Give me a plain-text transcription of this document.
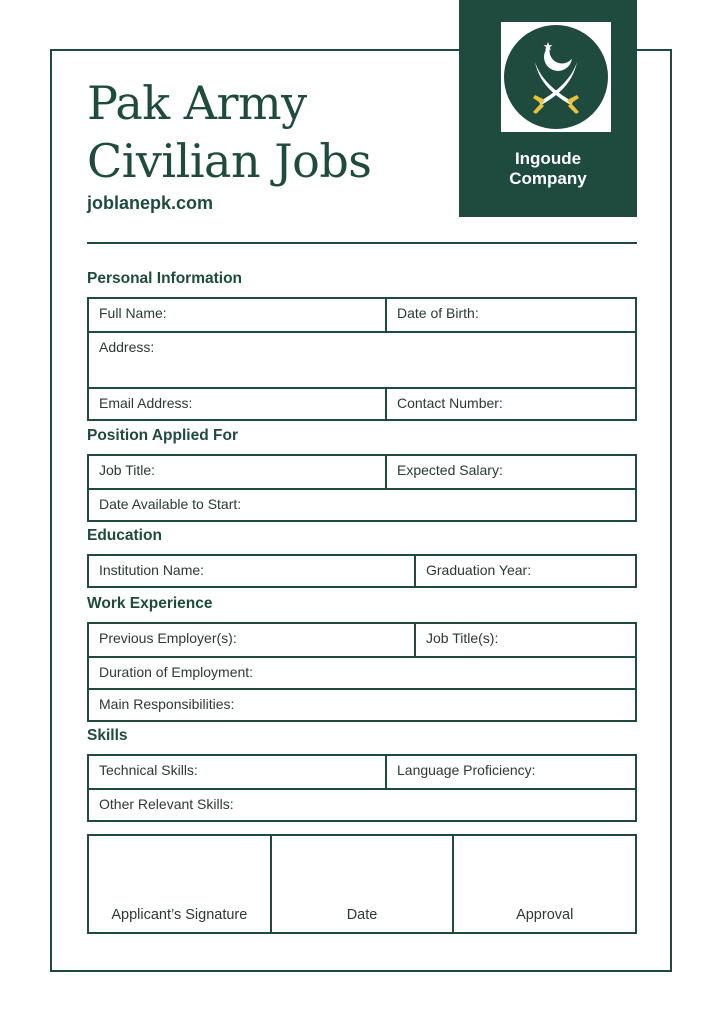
Pak Army
Civilian Jobs
joblanepk.com
Ingoude
Company
Personal Information
Full Name:	Date of Birth:
Address:
Email Address:	Contact Number:
Position Applied For
Job Title:	Expected Salary:
Date Available to Start:
Education
Institution Name:	Graduation Year:
Work Experience
Previous Employer(s):	Job Title(s):
Duration of Employment:
Main Responsibilities:
Skills
Technical Skills:	Language Proficiency:
Other Relevant Skills:
Applicant’s Signature	Date	Approval
